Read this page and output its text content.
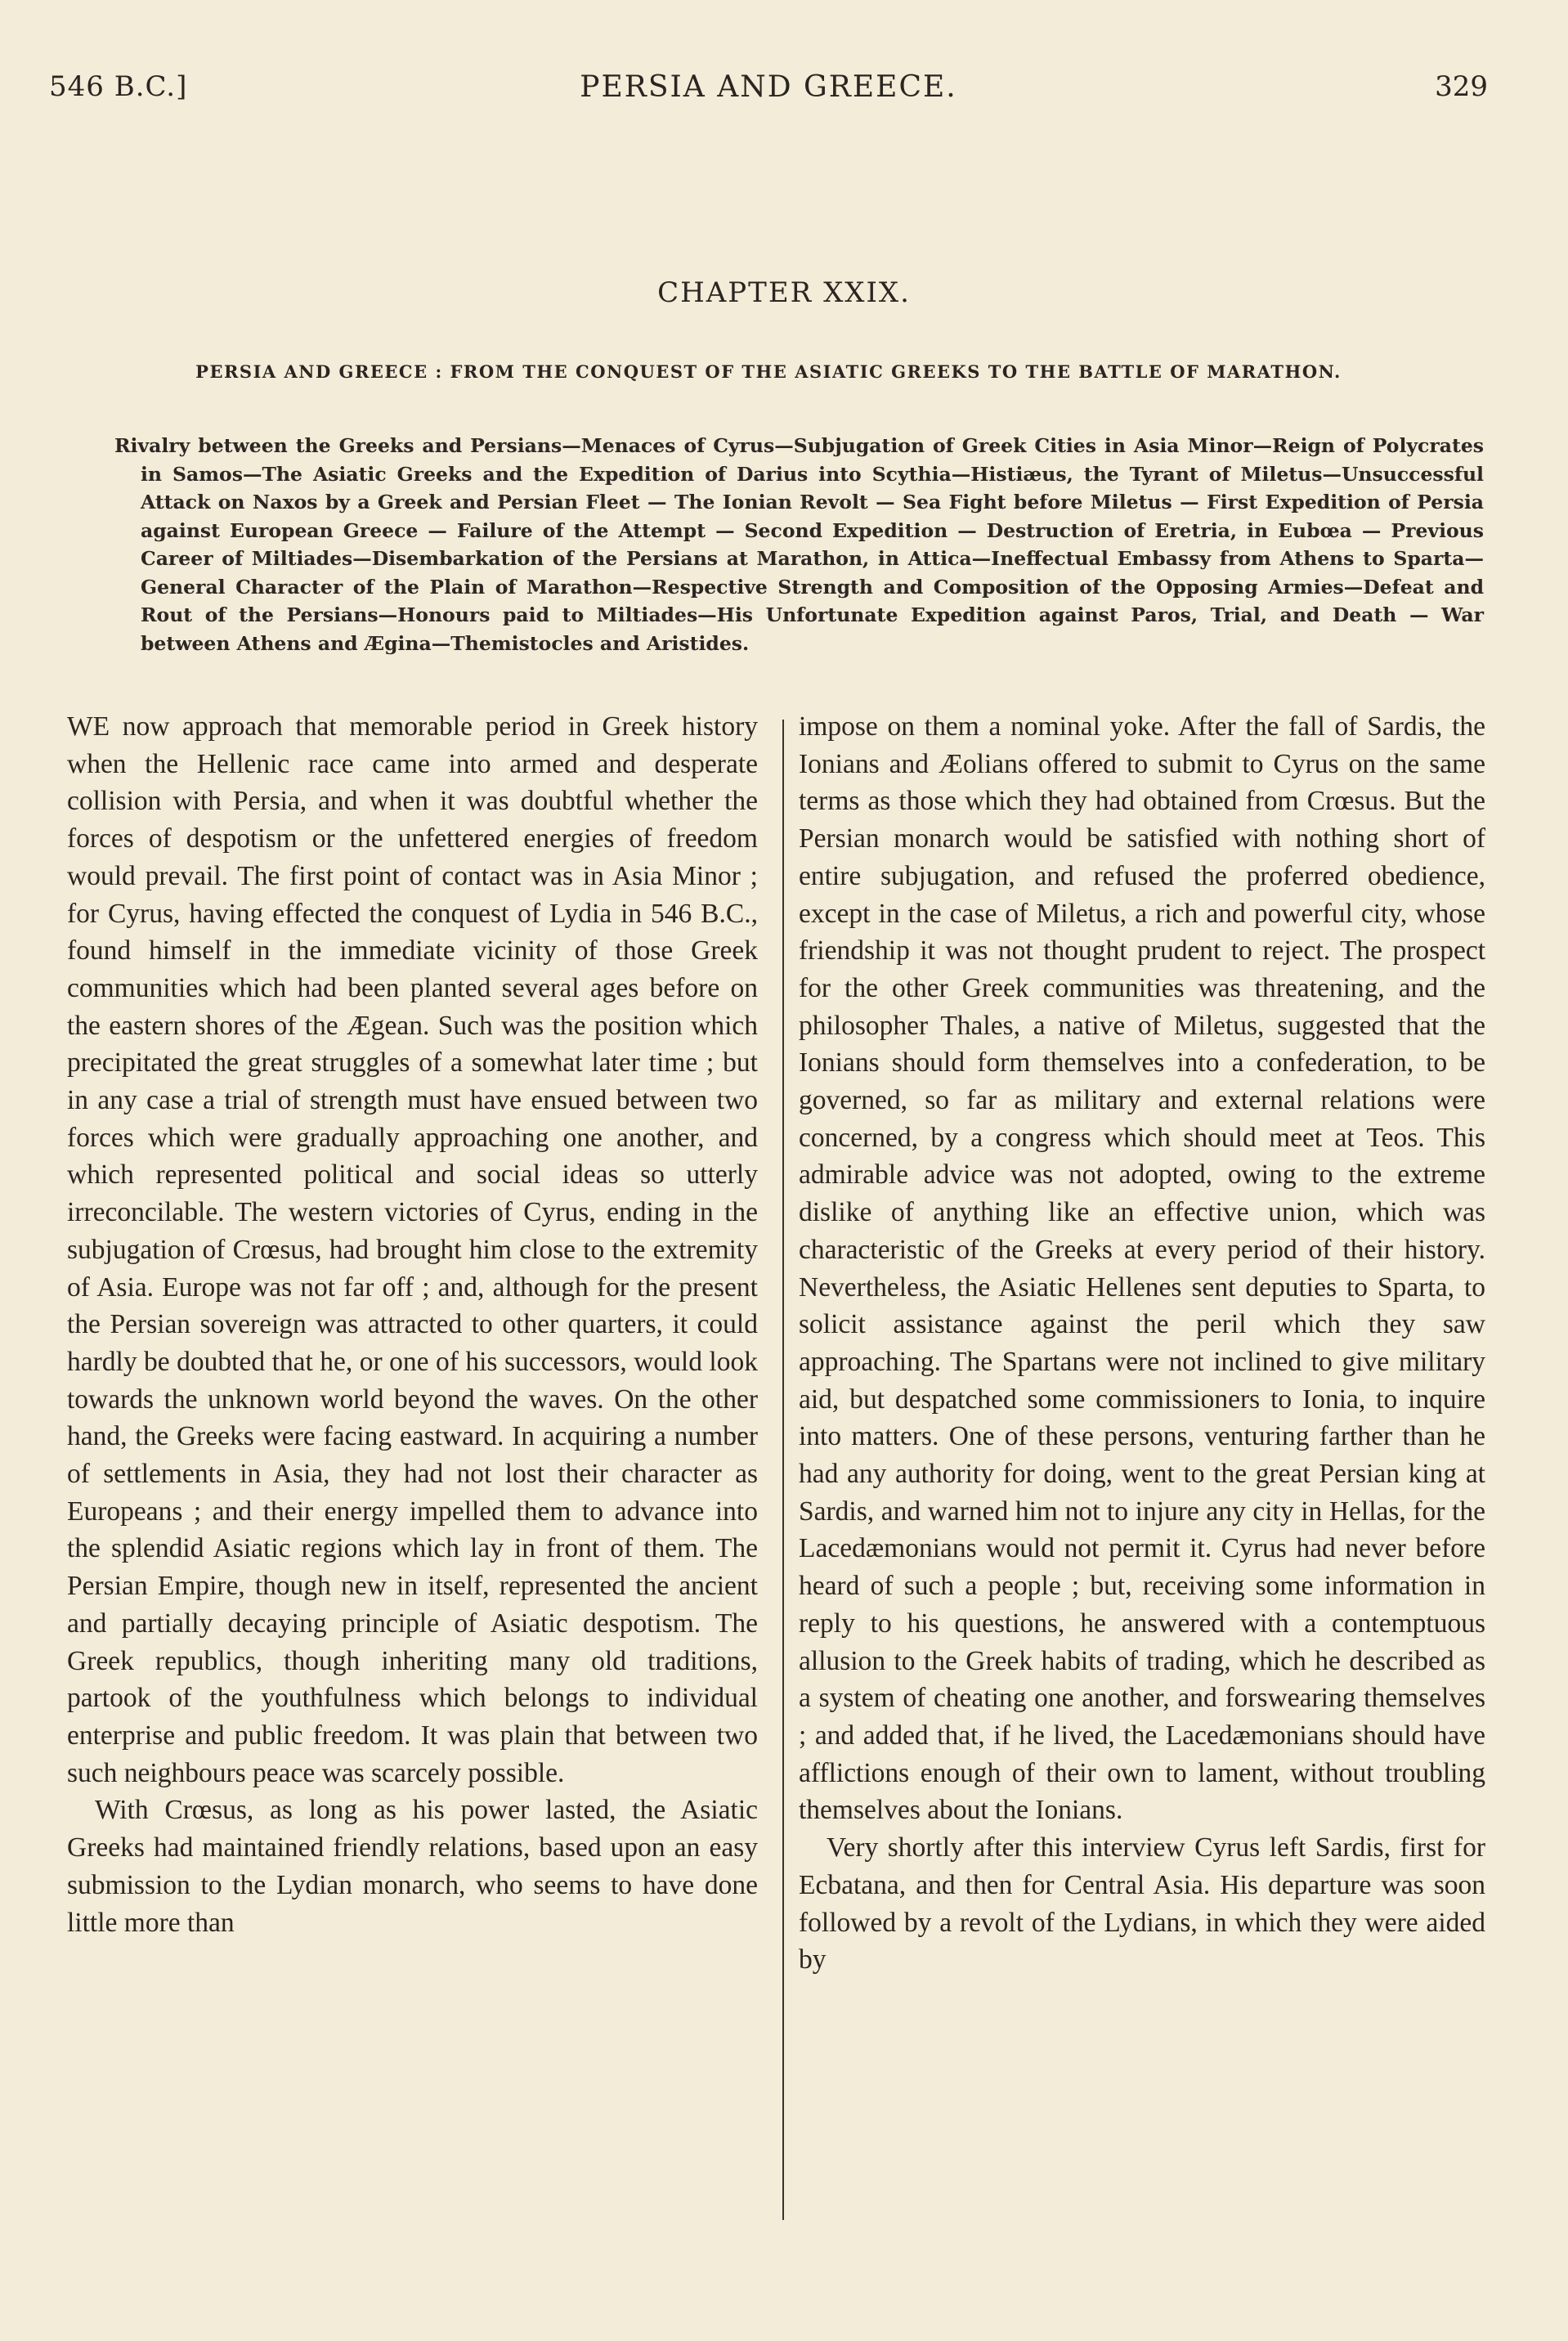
546 B.C.]	PERSIA AND GREECE.	329
CHAPTER XXIX.
PERSIA AND GREECE : FROM THE CONQUEST OF THE ASIATIC GREEKS TO THE BATTLE OF MARATHON.

Rivalry between the Greeks and Persians—Menaces of Cyrus—Subjugation of Greek Cities in Asia Minor—Reign of Polycrates in Samos—The Asiatic Greeks and the Expedition of Darius into Scythia—Histiæus, the Tyrant of Miletus—Unsuccessful Attack on Naxos by a Greek and Persian Fleet — The Ionian Revolt — Sea Fight before Miletus — First Expedition of Persia against European Greece — Failure of the Attempt — Second Expedition — Destruction of Eretria, in Eubœa — Previous Career of Miltiades—Disembarkation of the Persians at Marathon, in Attica—Ineffectual Embassy from Athens to Sparta—General Character of the Plain of Marathon—Respective Strength and Composition of the Opposing Armies—Defeat and Rout of the Persians—Honours paid to Miltiades—His Unfortunate Expedition against Paros, Trial, and Death — War between Athens and Ægina—Themistocles and Aristides.

WE now approach that memorable period in Greek history when the Hellenic race came into armed and desperate collision with Persia, and when it was doubtful whether the forces of despotism or the unfettered energies of freedom would prevail. The first point of contact was in Asia Minor ; for Cyrus, having effected the conquest of Lydia in 546 B.C., found himself in the immediate vicinity of those Greek communities which had been planted several ages before on the eastern shores of the Ægean. Such was the position which precipitated the great struggles of a somewhat later time ; but in any case a trial of strength must have ensued between two forces which were gradually approaching one another, and which represented political and social ideas so utterly irreconcilable. The western victories of Cyrus, ending in the subjugation of Crœsus, had brought him close to the extremity of Asia. Europe was not far off ; and, although for the present the Persian sovereign was attracted to other quarters, it could hardly be doubted that he, or one of his successors, would look towards the unknown world beyond the waves. On the other hand, the Greeks were facing eastward. In acquiring a number of settlements in Asia, they had not lost their character as Europeans ; and their energy impelled them to advance into the splendid Asiatic regions which lay in front of them. The Persian Empire, though new in itself, represented the ancient and partially decaying principle of Asiatic despotism. The Greek republics, though inheriting many old traditions, partook of the youthfulness which belongs to individual enterprise and public freedom. It was plain that between two such neighbours peace was scarcely possible.

With Crœsus, as long as his power lasted, the Asiatic Greeks had maintained friendly relations, based upon an easy submission to the Lydian monarch, who seems to have done little more than

impose on them a nominal yoke. After the fall of Sardis, the Ionians and Æolians offered to submit to Cyrus on the same terms as those which they had obtained from Crœsus. But the Persian monarch would be satisfied with nothing short of entire subjugation, and refused the proferred obedience, except in the case of Miletus, a rich and powerful city, whose friendship it was not thought prudent to reject. The prospect for the other Greek communities was threatening, and the philosopher Thales, a native of Miletus, suggested that the Ionians should form themselves into a confederation, to be governed, so far as military and external relations were concerned, by a congress which should meet at Teos. This admirable advice was not adopted, owing to the extreme dislike of anything like an effective union, which was characteristic of the Greeks at every period of their history. Nevertheless, the Asiatic Hellenes sent deputies to Sparta, to solicit assistance against the peril which they saw approaching. The Spartans were not inclined to give military aid, but despatched some commissioners to Ionia, to inquire into matters. One of these persons, venturing farther than he had any authority for doing, went to the great Persian king at Sardis, and warned him not to injure any city in Hellas, for the Lacedæmonians would not permit it. Cyrus had never before heard of such a people ; but, receiving some information in reply to his questions, he answered with a contemptuous allusion to the Greek habits of trading, which he described as a system of cheating one another, and forswearing themselves ; and added that, if he lived, the Lacedæmonians should have afflictions enough of their own to lament, without troubling themselves about the Ionians.

Very shortly after this interview Cyrus left Sardis, first for Ecbatana, and then for Central Asia. His departure was soon followed by a revolt of the Lydians, in which they were aided by
